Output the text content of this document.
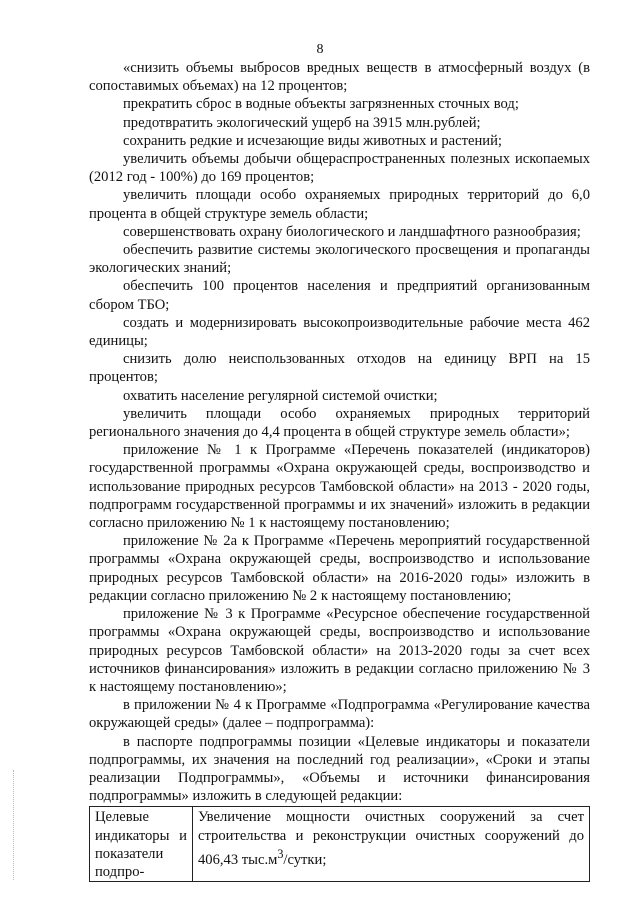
8

«снизить объемы выбросов вредных веществ в атмосферный воздух (в сопоставимых объемах) на 12 процентов;

прекратить сброс в водные объекты загрязненных сточных вод;

предотвратить экологический ущерб на 3915 млн.рублей;

сохранить редкие и исчезающие виды животных и растений;

увеличить объемы добычи общераспространенных полезных ископаемых (2012 год - 100%) до 169 процентов;

увеличить площади особо охраняемых природных территорий до 6,0 процента в общей структуре земель области;

совершенствовать охрану биологического и ландшафтного разнообразия;

обеспечить развитие системы экологического просвещения и пропаганды экологических знаний;

обеспечить 100 процентов населения и предприятий организованным сбором ТБО;

создать и модернизировать высокопроизводительные рабочие места 462 единицы;

снизить долю неиспользованных отходов на единицу ВРП на 15 процентов;

охватить население регулярной системой очистки;

увеличить площади особо охраняемых природных территорий регионального значения до 4,4 процента в общей структуре земель области»;

приложение № 1 к Программе «Перечень показателей (индикаторов) государственной программы «Охрана окружающей среды, воспроизводство и использование природных ресурсов Тамбовской области» на 2013 - 2020 годы, подпрограмм государственной программы и их значений» изложить в редакции согласно приложению № 1 к настоящему постановлению;

приложение № 2а к Программе «Перечень мероприятий государственной программы «Охрана окружающей среды, воспроизводство и использование природных ресурсов Тамбовской области» на 2016-2020 годы» изложить в редакции согласно приложению № 2 к настоящему постановлению;

приложение № 3 к Программе «Ресурсное обеспечение государственной программы «Охрана окружающей среды, воспроизводство и использование природных ресурсов Тамбовской области» на 2013-2020 годы за счет всех источников финансирования» изложить в редакции согласно приложению № 3 к настоящему постановлению»;

в приложении № 4 к Программе «Подпрограмма «Регулирование качества окружающей среды» (далее – подпрограмма):

в паспорте подпрограммы позиции «Целевые индикаторы и показатели подпрограммы, их значения на последний год реализации», «Сроки и этапы реализации Подпрограммы», «Объемы и источники финансирования подпрограммы» изложить в следующей редакции:

Целевые индикаторы и показатели подпро-	Увеличение мощности очистных сооружений за счет строительства и реконструкции очистных сооружений до 406,43 $тыс.м^3$/сутки;
